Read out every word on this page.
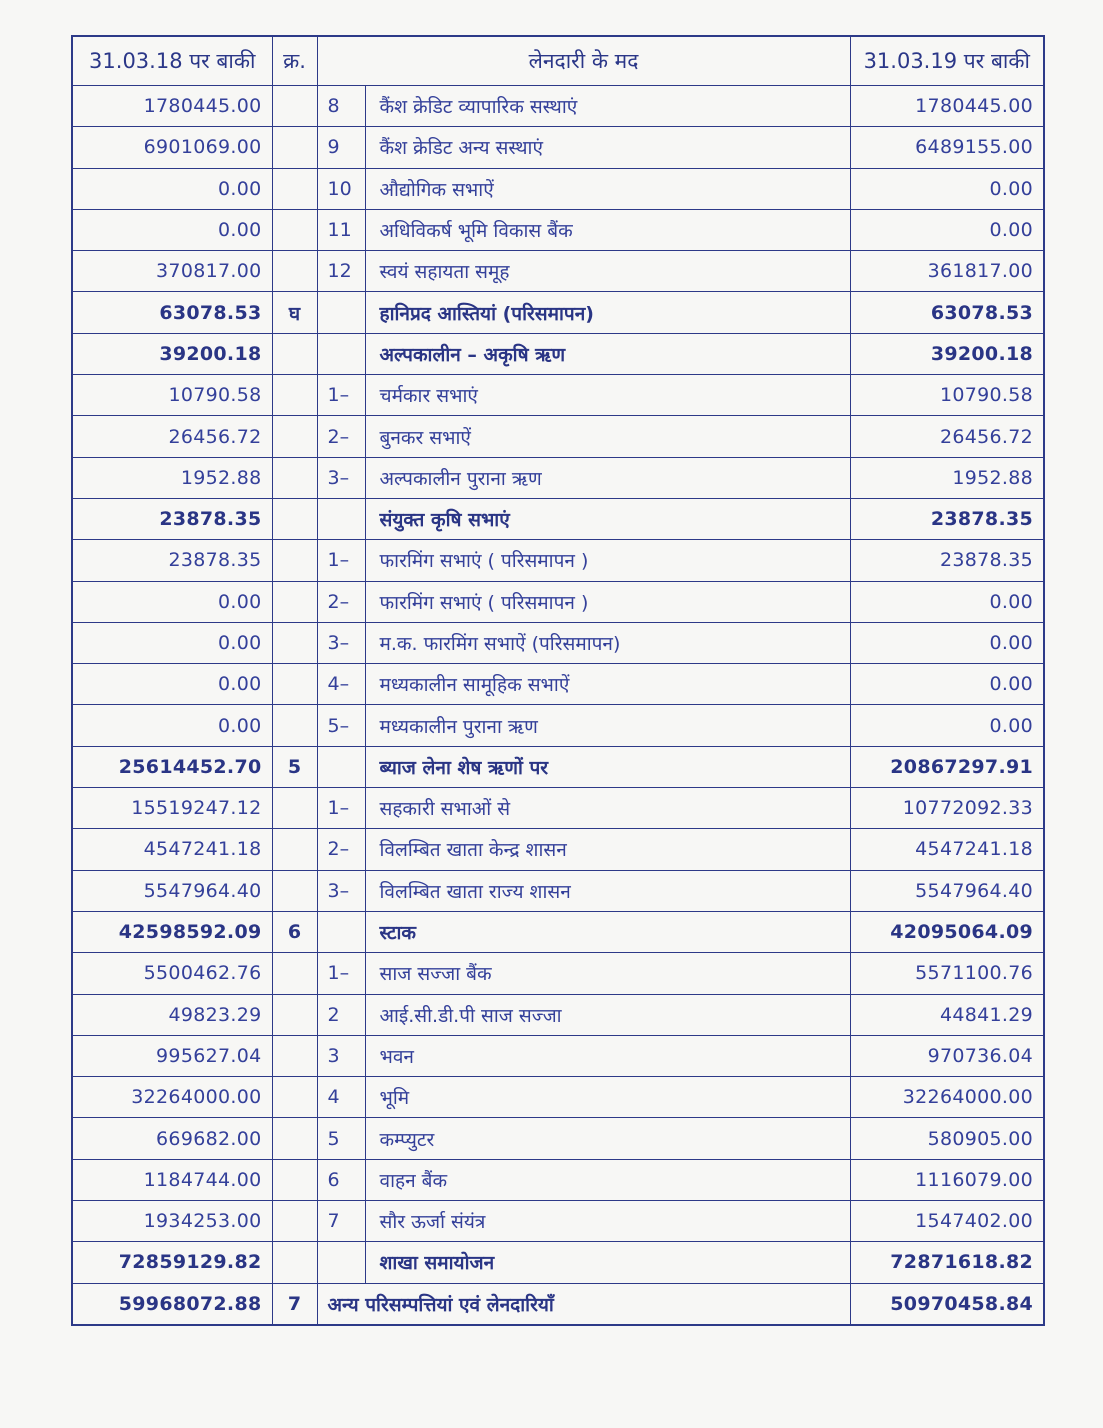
31.03.18 पर बाकी	क्र.	लेनदारी के मद		31.03.19 पर बाकी
1780445.00		8	कैंश क्रेडिट व्यापारिक सस्थाएं	1780445.00
6901069.00		9	कैंश क्रेडिट अन्य सस्थाएं	6489155.00
0.00		10	औद्योगिक सभाऐं	0.00
0.00		11	अधिविकर्ष भूमि विकास बैंक	0.00
370817.00		12	स्वयं सहायता समूह	361817.00
63078.53	घ		हानिप्रद आस्तियां (परिसमापन)	63078.53
39200.18			अल्पकालीन – अकृषि ऋण	39200.18
10790.58		1–	चर्मकार सभाएं	10790.58
26456.72		2–	बुनकर सभाऐं	26456.72
1952.88		3–	अल्पकालीन पुराना ऋण	1952.88
23878.35			संयुक्त कृषि सभाएं	23878.35
23878.35		1–	फारमिंग सभाएं ( परिसमापन )	23878.35
0.00		2–	फारमिंग सभाएं ( परिसमापन )	0.00
0.00		3–	म.क. फारमिंग सभाऐं (परिसमापन)	0.00
0.00		4–	मध्यकालीन सामूहिक सभाऐं	0.00
0.00		5–	मध्यकालीन पुराना ऋण	0.00
25614452.70	5		ब्याज लेना शेष ऋणों पर	20867297.91
15519247.12		1–	सहकारी सभाओं से	10772092.33
4547241.18		2–	विलम्बित खाता केन्द्र शासन	4547241.18
5547964.40		3–	विलम्बित खाता राज्य शासन	5547964.40
42598592.09	6		स्टाक	42095064.09
5500462.76		1–	साज सज्जा बैंक	5571100.76
49823.29		2	आई.सी.डी.पी साज सज्जा	44841.29
995627.04		3	भवन	970736.04
32264000.00		4	भूमि	32264000.00
669682.00		5	कम्प्युटर	580905.00
1184744.00		6	वाहन बैंक	1116079.00
1934253.00		7	सौर ऊर्जा संयंत्र	1547402.00
72859129.82			शाखा समायोजन	72871618.82
59968072.88	7	अन्य परिसम्पत्तियां एवं लेनदारियाँ		50970458.84
